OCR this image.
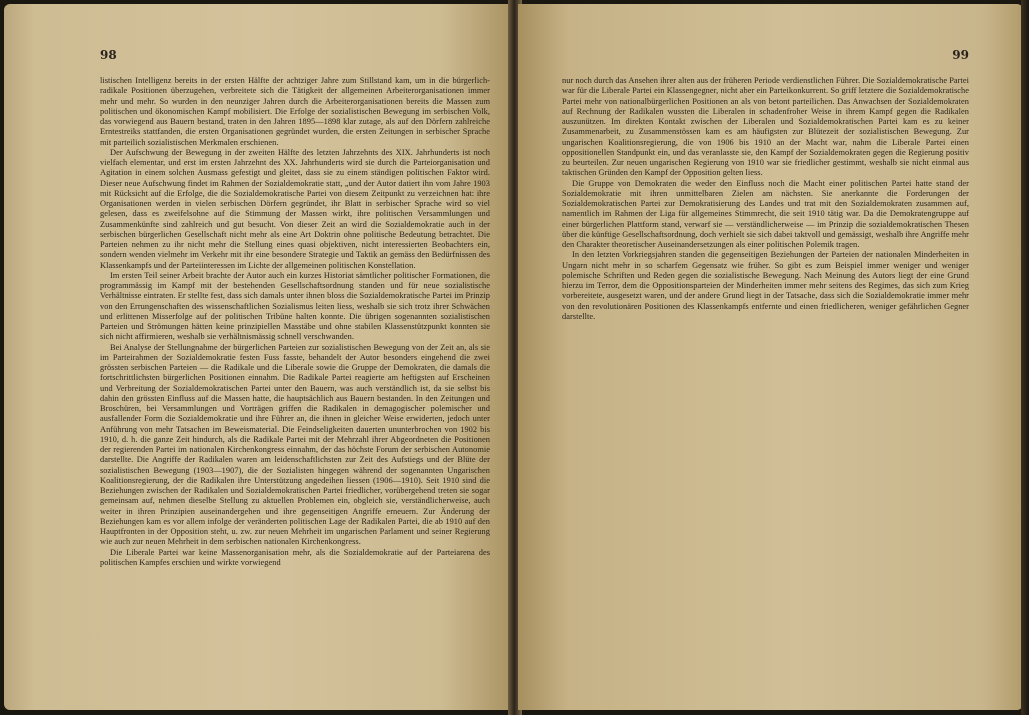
98

listischen Intelligenz bereits in der ersten Hälfte der achtziger Jahre zum Stillstand kam, um in die bürgerlich-radikale Positionen überzugehen, verbreitete sich die Tätigkeit der allgemeinen Arbeiterorganisationen immer mehr und mehr. So wurden in den neunziger Jahren durch die Arbeiterorganisationen bereits die Massen zum politischen und ökonomischen Kampf mobilisiert. Die Erfolge der sozialistischen Bewegung im serbischen Volk, das vorwiegend aus Bauern bestand, traten in den Jahren 1895—1898 klar zutage, als auf den Dörfern zahlreiche Erntestreiks stattfanden, die ersten Organisationen gegründet wurden, die ersten Zeitungen in serbischer Sprache mit parteilich sozialistischen Merkmalen erschienen.

Der Aufschwung der Bewegung in der zweiten Hälfte des letzten Jahrzehnts des XIX. Jahrhunderts ist noch vielfach elementar, und erst im ersten Jahrzehnt des XX. Jahrhunderts wird sie durch die Parteiorganisation und Agitation in einem solchen Ausmass gefestigt und gleitet, dass sie zu einem ständigen politischen Faktor wird. Dieser neue Aufschwung findet im Rahmen der Sozialdemokratie statt, „und der Autor datiert ihn vom Jahre 1903 mit Rücksicht auf die Erfolge, die die Sozialdemokratische Partei von diesem Zeitpunkt zu verzeichnen hat: ihre Organisationen werden in vielen serbischen Dörfern gegründet, ihr Blatt in serbischer Sprache wird so viel gelesen, dass es zweifelsohne auf die Stimmung der Massen wirkt, ihre politischen Versammlungen und Zusammenkünfte sind zahlreich und gut besucht. Von dieser Zeit an wird die Sozialdemokratie auch in der serbischen bürgerlichen Gesellschaft nicht mehr als eine Art Doktrin ohne politische Bedeutung betrachtet. Die Parteien nehmen zu ihr nicht mehr die Stellung eines quasi objektiven, nicht interessierten Beobachters ein, sondern wenden vielmehr im Verkehr mit ihr eine besondere Strategie und Taktik an gemäss den Bedürfnissen des Klassenkampfs und der Parteiinteressen im Lichte der allgemeinen politischen Konstellation.

Im ersten Teil seiner Arbeit brachte der Autor auch ein kurzes Historiat sämtlicher politischer Formationen, die programmässig im Kampf mit der bestehenden Gesellschaftsordnung standen und für neue sozialistische Verhältnisse eintraten. Er stellte fest, dass sich damals unter ihnen bloss die Sozialdemokratische Partei im Prinzip von den Errungenschaften des wissenschaftlichen Sozialismus leiten liess, weshalb sie sich trotz ihrer Schwächen und erlittenen Misserfolge auf der politischen Tribüne halten konnte. Die übrigen sogenannten sozialistischen Parteien und Strömungen hätten keine prinzipiellen Masstäbe und ohne stabilen Klassenstützpunkt konnten sie sich nicht affirmieren, weshalb sie verhältnismässig schnell verschwanden.

Bei Analyse der Stellungnahme der bürgerlichen Parteien zur sozialistischen Bewegung von der Zeit an, als sie im Parteirahmen der Sozialdemokratie festen Fuss fasste, behandelt der Autor besonders eingehend die zwei grössten serbischen Parteien — die Radikale und die Liberale sowie die Gruppe der Demokraten, die damals die fortschrittlichsten bürgerlichen Positionen einnahm. Die Radikale Partei reagierte am heftigsten auf Erscheinen und Verbreitung der Sozialdemokratischen Partei unter den Bauern, was auch verständlich ist, da sie selbst bis dahin den grössten Einfluss auf die Massen hatte, die hauptsächlich aus Bauern bestanden. In den Zeitungen und Broschüren, bei Versammlungen und Vorträgen griffen die Radikalen in demagogischer polemischer und ausfallender Form die Sozialdemokratie und ihre Führer an, die ihnen in gleicher Weise erwiderten, jedoch unter Anführung von mehr Tatsachen im Beweismaterial. Die Feindseligkeiten dauerten ununterbrochen von 1902 bis 1910, d. h. die ganze Zeit hindurch, als die Radikale Partei mit der Mehrzahl ihrer Abgeordneten die Positionen der regierenden Partei im nationalen Kirchenkongress einnahm, der das höchste Forum der serbischen Autonomie darstellte. Die Angriffe der Radikalen waren am leidenschaftlichsten zur Zeit des Aufstiegs und der Blüte der sozialistischen Bewegung (1903—1907), die der Sozialisten hingegen während der sogenannten Ungarischen Koalitionsregierung, der die Radikalen ihre Unterstützung angedeihen liessen (1906—1910). Seit 1910 sind die Beziehungen zwischen der Radikalen und Sozialdemokratischen Partei friedlicher, vorübergehend treten sie sogar gemeinsam auf, nehmen dieselbe Stellung zu aktuellen Problemen ein, obgleich sie, verständlicherweise, auch weiter in ihren Prinzipien auseinandergehen und ihre gegenseitigen Angriffe erneuern. Zur Änderung der Beziehungen kam es vor allem infolge der veränderten politischen Lage der Radikalen Partei, die ab 1910 auf den Hauptfronten in der Opposition steht, u. zw. zur neuen Mehrheit im ungarischen Parlament und seiner Regierung wie auch zur neuen Mehrheit in dem serbischen nationalen Kirchenkongress.

Die Liberale Partei war keine Massenorganisation mehr, als die Sozialdemokratie auf der Parteiarena des politischen Kampfes erschien und wirkte vorwiegend

99

nur noch durch das Ansehen ihrer alten aus der früheren Periode verdienstlichen Führer. Die Sozialdemokratische Partei war für die Liberale Partei ein Klassengegner, nicht aber ein Parteikonkurrent. So griff letztere die Sozialdemokratische Partei mehr von nationalbürgerlichen Positionen an als von betont parteilichen. Das Anwachsen der Sozialdemokraten auf Rechnung der Radikalen wussten die Liberalen in schadenfroher Weise in ihrem Kampf gegen die Radikalen auszunützen. Im direkten Kontakt zwischen der Liberalen und Sozialdemokratischen Partei kam es zu keiner Zusammenarbeit, zu Zusammenstössen kam es am häufigsten zur Blütezeit der sozialistischen Bewegung. Zur ungarischen Koalitionsregierung, die von 1906 bis 1910 an der Macht war, nahm die Liberale Partei einen oppositionellen Standpunkt ein, und das veranlasste sie, den Kampf der Sozialdemokraten gegen die Regierung positiv zu beurteilen. Zur neuen ungarischen Regierung von 1910 war sie friedlicher gestimmt, weshalb sie nicht einmal aus taktischen Gründen den Kampf der Opposition gelten liess.

Die Gruppe von Demokraten die weder den Einfluss noch die Macht einer politischen Partei hatte stand der Sozialdemokratie mit ihren unmittelbaren Zielen am nächsten. Sie anerkannte die Forderungen der Sozialdemokratischen Partei zur Demokratisierung des Landes und trat mit den Sozialdemokraten zusammen auf, namentlich im Rahmen der Liga für allgemeines Stimmrecht, die seit 1910 tätig war. Da die Demokratengruppe auf einer bürgerlichen Plattform stand, verwarf sie — verständlicherweise — im Prinzip die sozialdemokratischen Thesen über die künftige Gesellschaftsordnung, doch verhielt sie sich dabei taktvoll und gemässigt, weshalb ihre Angriffe mehr den Charakter theoretischer Auseinandersetzungen als einer politischen Polemik tragen.

In den letzten Vorkriegsjahren standen die gegenseitigen Beziehungen der Parteien der nationalen Minderheiten in Ungarn nicht mehr in so scharfem Gegensatz wie früher. So gibt es zum Beispiel immer weniger und weniger polemische Schriften und Reden gegen die sozialistische Bewegung. Nach Meinung des Autors liegt der eine Grund hierzu im Terror, dem die Oppositionsparteien der Minderheiten immer mehr seitens des Regimes, das sich zum Krieg vorbereitete, ausgesetzt waren, und der andere Grund liegt in der Tatsache, dass sich die Sozialdemokratie immer mehr von den revolutionären Positionen des Klassenkampfs entfernte und einen friedlicheren, weniger gefährlichen Gegner darstellte.
